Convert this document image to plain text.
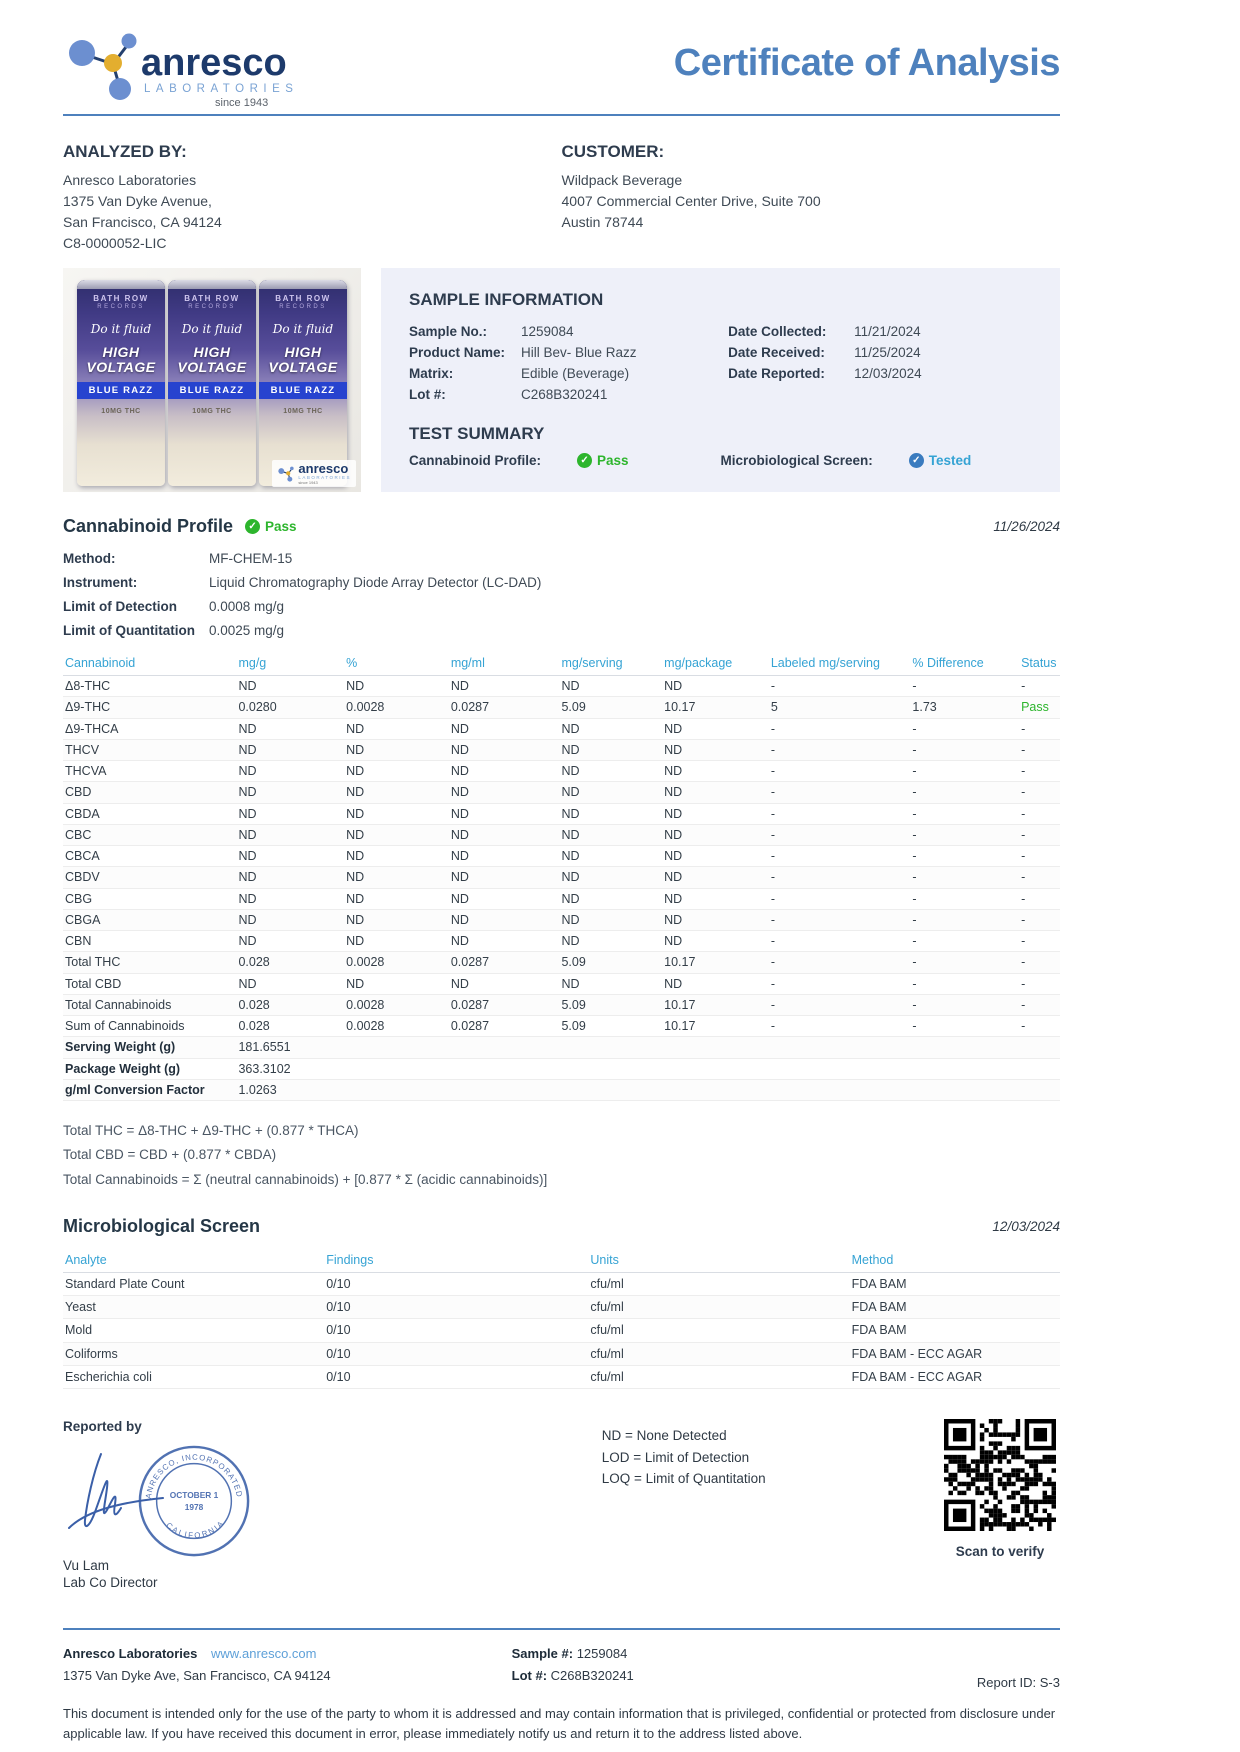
anresco
LABORATORIES
since 1943
Certificate of Analysis
ANALYZED BY:
Anresco Laboratories
1375 Van Dyke Avenue,
San Francisco, CA 94124
C8-0000052-LIC
CUSTOMER:
Wildpack Beverage
4007 Commercial Center Drive, Suite 700
Austin 78744
BATH ROW
RECORDS
Do it fluid
HIGH
VOLTAGE
BLUE RAZZ
10MG THC
BATH ROW
RECORDS
Do it fluid
HIGH
VOLTAGE
BLUE RAZZ
10MG THC
BATH ROW
RECORDS
Do it fluid
HIGH
VOLTAGE
BLUE RAZZ
10MG THC
anresco
LABORATORIES
since 1943
SAMPLE INFORMATION
Sample No.:	1259084
Product Name:	Hill Bev- Blue Razz
Matrix:	Edible (Beverage)
Lot #:	C268B320241
Date Collected:	11/21/2024
Date Received:	11/25/2024
Date Reported:	12/03/2024
TEST SUMMARY
Cannabinoid Profile:	✓ Pass	Microbiological Screen:	✓ Tested
Cannabinoid Profile	✓ Pass	11/26/2024
Method:	MF-CHEM-15
Instrument:	Liquid Chromatography Diode Array Detector (LC-DAD)
Limit of Detection	0.0008 mg/g
Limit of Quantitation	0.0025 mg/g
Cannabinoid	mg/g	%	mg/ml	mg/serving	mg/package	Labeled mg/serving	% Difference	Status
Δ8-THC	ND	ND	ND	ND	ND	-	-	-
Δ9-THC	0.0280	0.0028	0.0287	5.09	10.17	5	1.73	Pass
Δ9-THCA	ND	ND	ND	ND	ND	-	-	-
THCV	ND	ND	ND	ND	ND	-	-	-
THCVA	ND	ND	ND	ND	ND	-	-	-
CBD	ND	ND	ND	ND	ND	-	-	-
CBDA	ND	ND	ND	ND	ND	-	-	-
CBC	ND	ND	ND	ND	ND	-	-	-
CBCA	ND	ND	ND	ND	ND	-	-	-
CBDV	ND	ND	ND	ND	ND	-	-	-
CBG	ND	ND	ND	ND	ND	-	-	-
CBGA	ND	ND	ND	ND	ND	-	-	-
CBN	ND	ND	ND	ND	ND	-	-	-
Total THC	0.028	0.0028	0.0287	5.09	10.17	-	-	-
Total CBD	ND	ND	ND	ND	ND	-	-	-
Total Cannabinoids	0.028	0.0028	0.0287	5.09	10.17	-	-	-
Sum of Cannabinoids	0.028	0.0028	0.0287	5.09	10.17	-	-	-
Serving Weight (g)	181.6551							
Package Weight (g)	363.3102							
g/ml Conversion Factor	1.0263							
Total THC = Δ8-THC + Δ9-THC + (0.877 * THCA)
Total CBD = CBD + (0.877 * CBDA)
Total Cannabinoids = Σ (neutral cannabinoids) + [0.877 * Σ (acidic cannabinoids)]
Microbiological Screen	12/03/2024
Analyte	Findings	Units	Method
Standard Plate Count	0/10	cfu/ml	FDA BAM
Yeast	0/10	cfu/ml	FDA BAM
Mold	0/10	cfu/ml	FDA BAM
Coliforms	0/10	cfu/ml	FDA BAM - ECC AGAR
Escherichia coli	0/10	cfu/ml	FDA BAM - ECC AGAR
Reported by
ANRESCO, INCORPORATED
CALIFORNIA
OCTOBER 1
1978
Vu Lam
Lab Co Director
ND = None Detected
LOD = Limit of Detection
LOQ = Limit of Quantitation
Scan to verify
Anresco Laboratories www.anresco.com
1375 Van Dyke Ave, San Francisco, CA 94124
Sample #: 1259084
Lot #: C268B320241	Report ID: S-3
This document is intended only for the use of the party to whom it is addressed and may contain information that is privileged, confidential or protected from disclosure under applicable law. If you have received this document in error, please immediately notify us and return it to the address listed above.
